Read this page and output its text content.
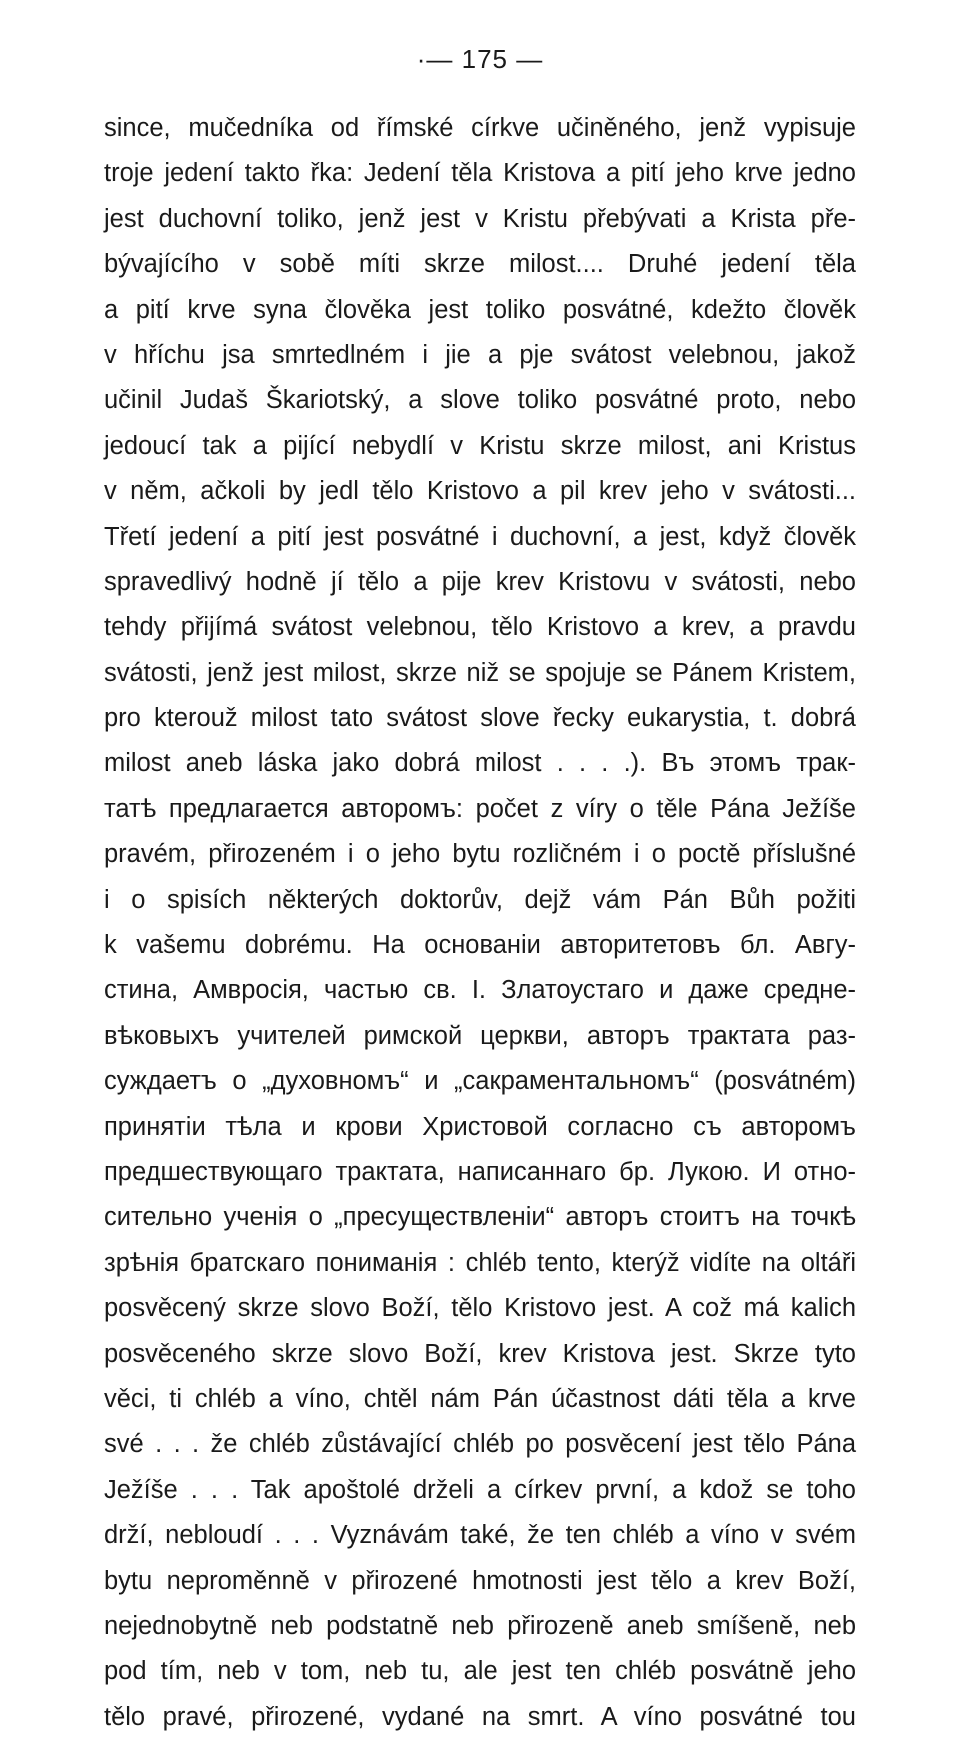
·— 175 —
since, mučedníka od římské církve učiněného, jenž vypisuje
troje jedení takto řka: Jedení těla Kristova a pití jeho krve jedno
jest duchovní toliko, jenž jest v Kristu přebývati a Krista pře-
bývajícího v sobě míti skrze milost.... Druhé jedení těla
a pití krve syna člověka jest toliko posvátné, kdežto člověk
v hříchu jsa smrtedlném i jie a pje svátost velebnou, jakož
učinil Judaš Škariotský, a slove toliko posvátné proto, nebo
jedoucí tak a pijící nebydlí v Kristu skrze milost, ani Kristus
v něm, ačkoli by jedl tělo Kristovo a pil krev jeho v svátosti...
Třetí jedení a pití jest posvátné i duchovní, a jest, když člověk
spravedlivý hodně jí tělo a pije krev Kristovu v svátosti, nebo
tehdy přijímá svátost velebnou, tělo Kristovo a krev, a pravdu
svátosti, jenž jest milost, skrze niž se spojuje se Pánem Kristem,
pro kterouž milost tato svátost slove řecky eukarystia, t. dobrá
milost aneb láska jako dobrá milost . . . .). Въ этомъ трак-
татѣ предлагается авторомъ: počet z víry o těle Pána Ježíše
pravém, přirozeném i o jeho bytu rozličném i o poctě příslušné
i o spisích některých doktorův, dejž vám Pán Bůh požiti
k vašemu dobrému. На основаніи авторитетовъ бл. Авгу-
стина, Амвросія, частью св. І. Златоустаго и даже средне-
вѣковыхъ учителей римской церкви, авторъ трактата раз-
суждаетъ о „духовномъ“ и „сакраментальномъ“ (posvátném)
принятіи тѣла и крови Христовой согласно съ авторомъ
предшествующаго трактата, написаннаго бр. Лукою. И отно-
сительно ученія о „пресуществленіи“ авторъ стоитъ на точкѣ
зрѣнія братскаго пониманія : chléb tento, kterýž vidíte na oltáři
posvěcený skrze slovo Boží, tělo Kristovo jest. A což má kalich
posvěceného skrze slovo Boží, krev Kristova jest. Skrze tyto
věci, ti chléb a víno, chtěl nám Pán účastnost dáti těla a krve
své . . . že chléb zůstávající chléb po posvěcení jest tělo Pána
Ježíše . . . Tak apoštolé drželi a církev první, a kdož se toho
drží, nebloudí . . . Vyznávám také, že ten chléb a víno v svém
bytu neproměnně v přirozené hmotnosti jest tělo a krev Boží,
nejednobytně neb podstatně neb přirozeně aneb smíšeně, neb
pod tím, neb v tom, neb tu, ale jest ten chléb posvátně jeho
tělo pravé, přirozené, vydané na smrt. A víno posvátné tou
